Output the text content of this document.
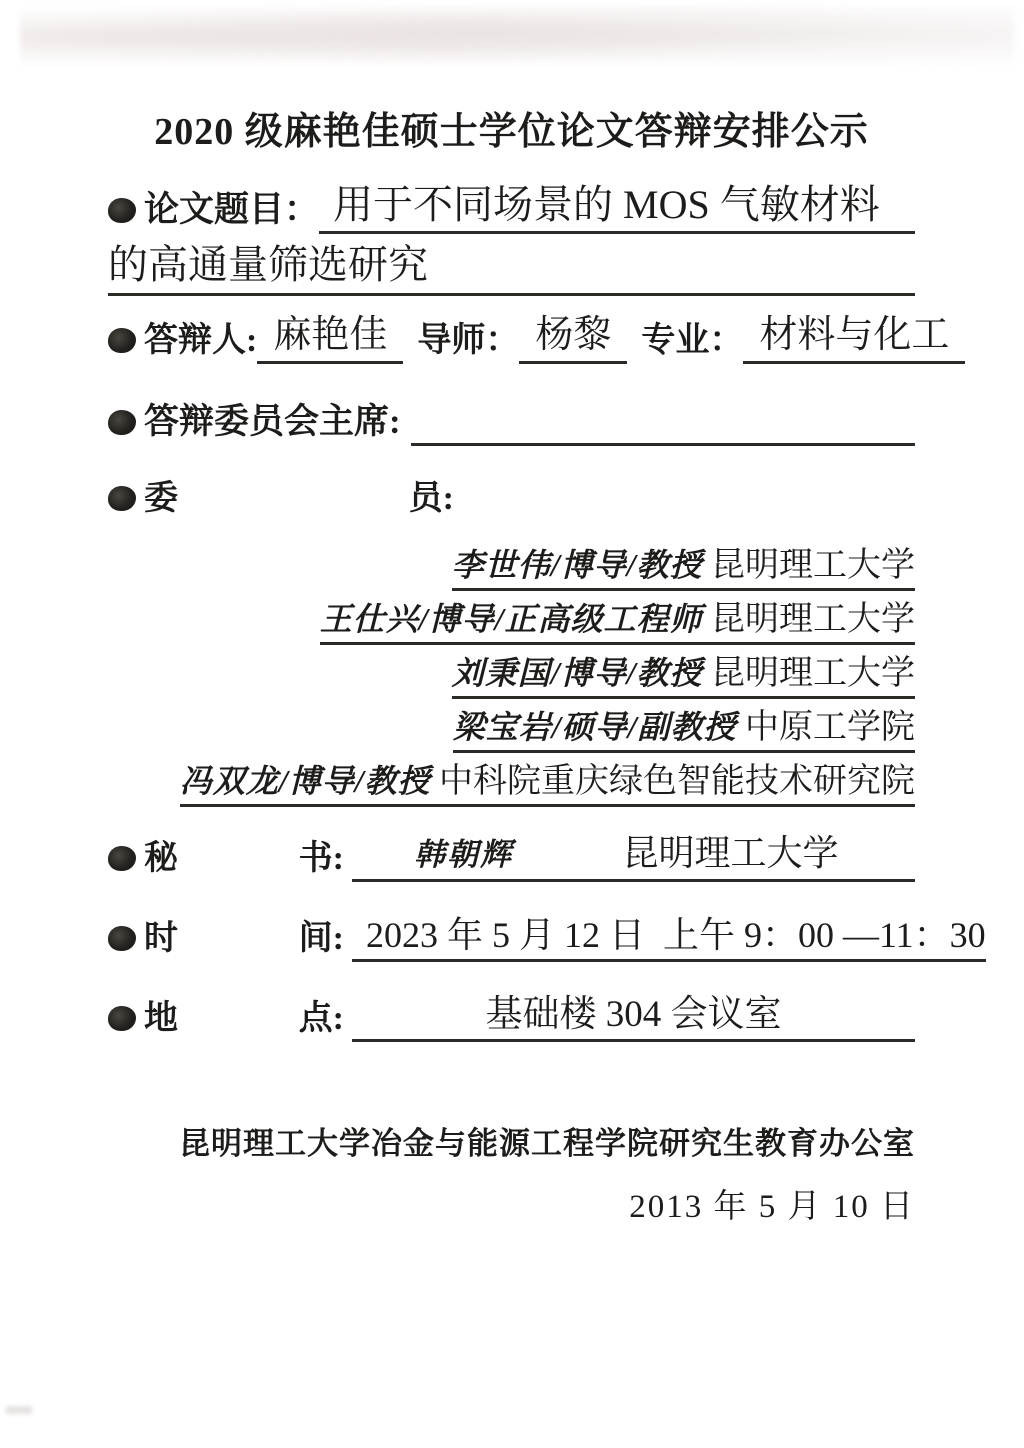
2020 级麻艳佳硕士学位论文答辩安排公示
论文题目： 用于不同场景的 MOS 气敏材料
的高通量筛选研究
答辩人: 麻艳佳 导师： 杨黎 专业： 材料与化工
答辩委员会主席:
委	员:
李世伟/博导/教授 昆明理工大学
王仕兴/博导/正高级工程师 昆明理工大学
刘秉国/博导/教授 昆明理工大学
梁宝岩/硕导/副教授 中原工学院
冯双龙/博导/教授 中科院重庆绿色智能技术研究院
秘	书:	韩朝辉	昆明理工大学
时	间: 2023 年 5 月 12 日  上午 9：00 —11：30
地	点:	基础楼 304 会议室
昆明理工大学冶金与能源工程学院研究生教育办公室
2013 年 5 月 10 日
